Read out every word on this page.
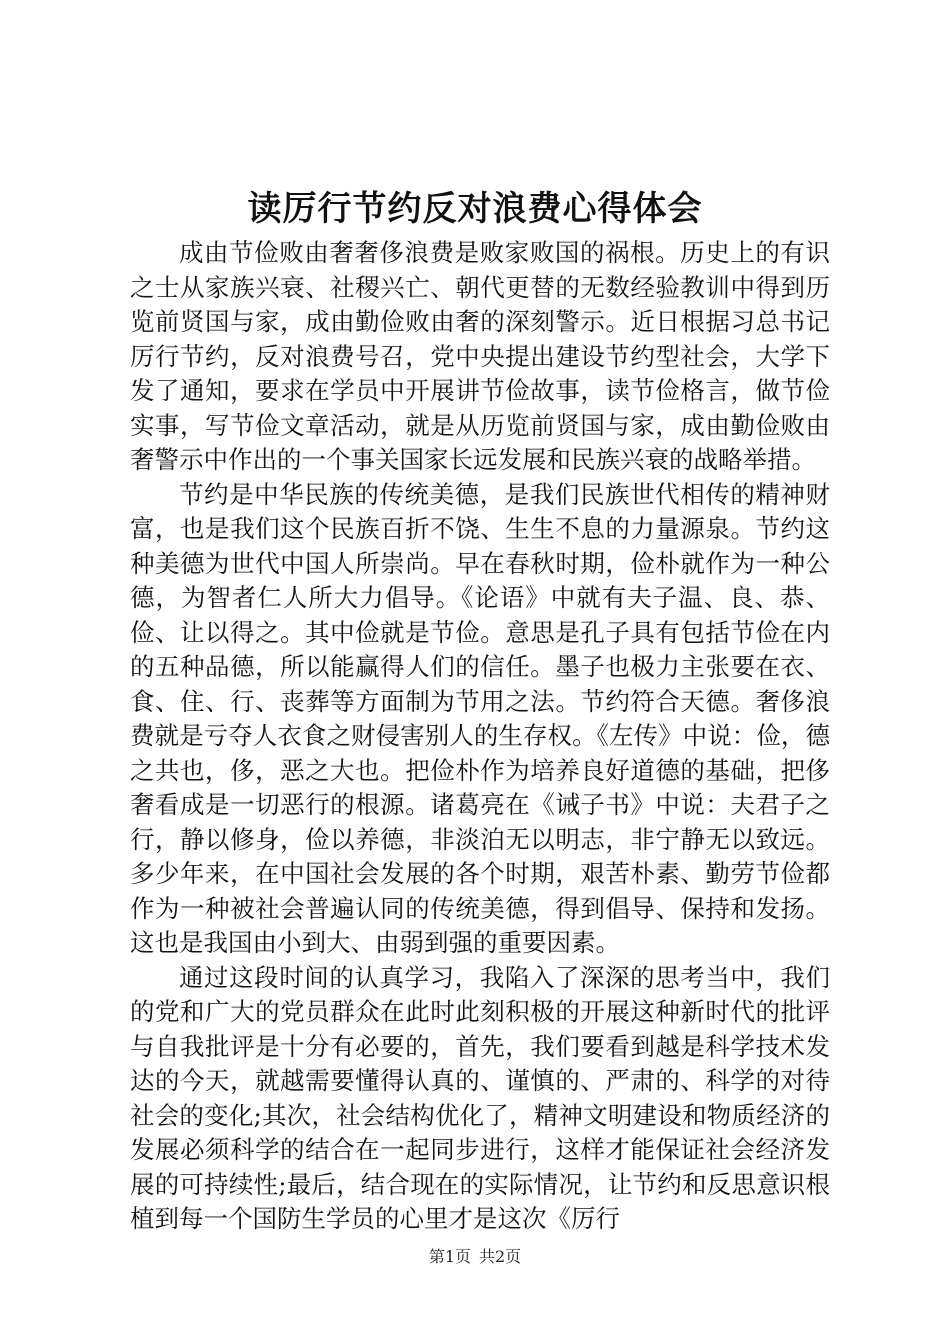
读厉行节约反对浪费心得体会

成由节俭败由奢奢侈浪费是败家败国的祸根。历史上的有识之士从家族兴衰、社稷兴亡、朝代更替的无数经验教训中得到历览前贤国与家，成由勤俭败由奢的深刻警示。近日根据习总书记厉行节约，反对浪费号召，党中央提出建设节约型社会，大学下发了通知，要求在学员中开展讲节俭故事，读节俭格言，做节俭实事，写节俭文章活动，就是从历览前贤国与家，成由勤俭败由奢警示中作出的一个事关国家长远发展和民族兴衰的战略举措。

节约是中华民族的传统美德，是我们民族世代相传的精神财富，也是我们这个民族百折不饶、生生不息的力量源泉。节约这种美德为世代中国人所崇尚。早在春秋时期，俭朴就作为一种公德，为智者仁人所大力倡导。《论语》中就有夫子温、良、恭、俭、让以得之。其中俭就是节俭。意思是孔子具有包括节俭在内的五种品德，所以能赢得人们的信任。墨子也极力主张要在衣、食、住、行、丧葬等方面制为节用之法。节约符合天德。奢侈浪费就是亏夺人衣食之财侵害别人的生存权。《左传》中说：俭，德之共也，侈，恶之大也。把俭朴作为培养良好道德的基础，把侈奢看成是一切恶行的根源。诸葛亮在《诫子书》中说：夫君子之行，静以修身，俭以养德，非淡泊无以明志，非宁静无以致远。多少年来，在中国社会发展的各个时期，艰苦朴素、勤劳节俭都作为一种被社会普遍认同的传统美德，得到倡导、保持和发扬。这也是我国由小到大、由弱到强的重要因素。

通过这段时间的认真学习，我陷入了深深的思考当中，我们的党和广大的党员群众在此时此刻积极的开展这种新时代的批评与自我批评是十分有必要的，首先，我们要看到越是科学技术发达的今天，就越需要懂得认真的、谨慎的、严肃的、科学的对待社会的变化;其次，社会结构优化了，精神文明建设和物质经济的发展必须科学的结合在一起同步进行，这样才能保证社会经济发展的可持续性;最后，结合现在的实际情况，让节约和反思意识根植到每一个国防生学员的心里才是这次《厉行

第1页 共2页
